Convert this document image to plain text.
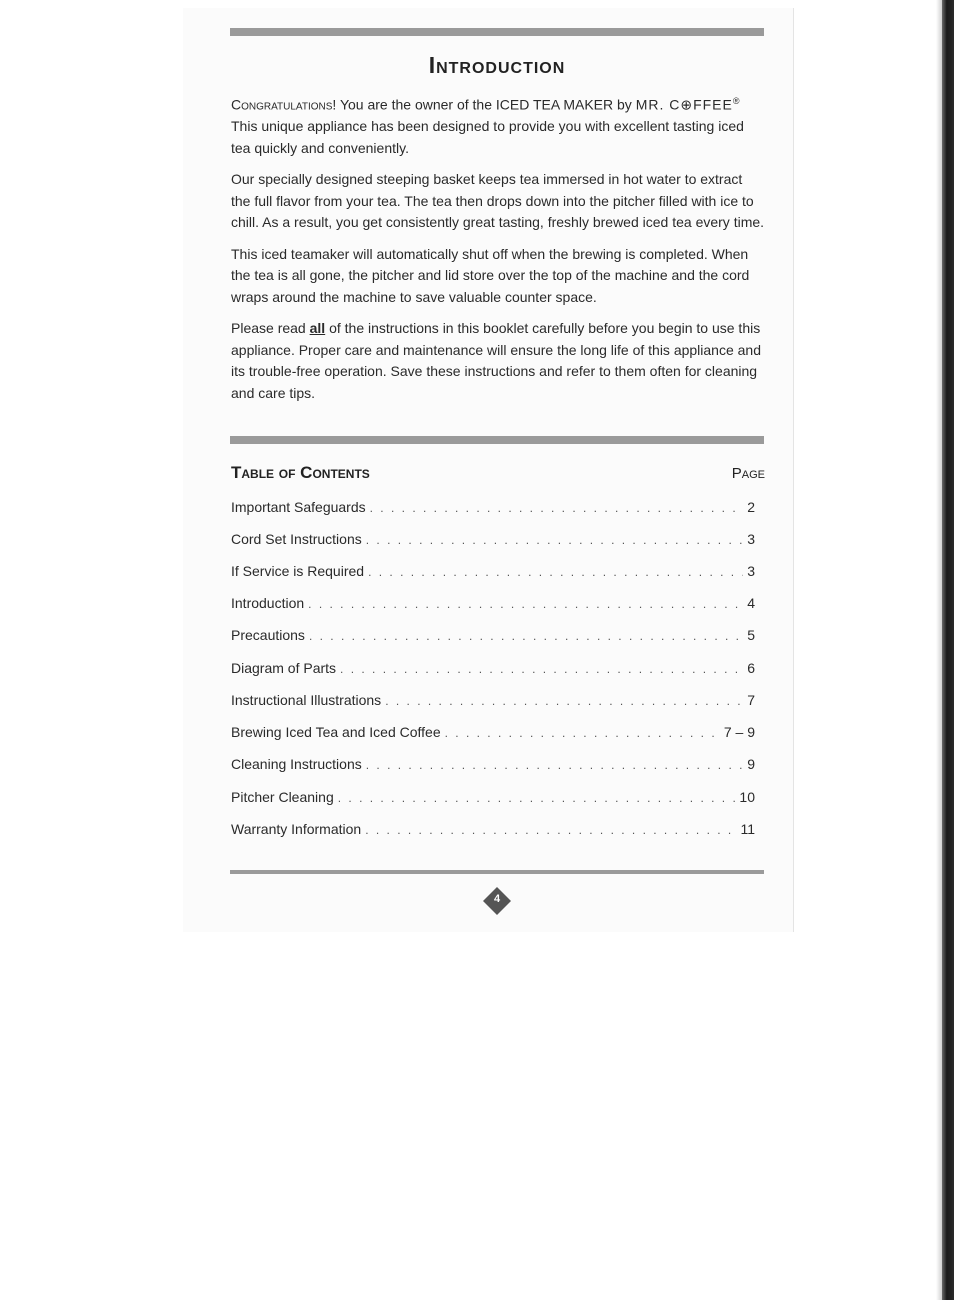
Introduction

Congratulations! You are the owner of the ICED TEA MAKER by MR. C⊕FFEE® This unique appliance has been designed to provide you with excellent tasting iced tea quickly and conveniently.

Our specially designed steeping basket keeps tea immersed in hot water to extract the full flavor from your tea. The tea then drops down into the pitcher filled with ice to chill. As a result, you get consistently great tasting, freshly brewed iced tea every time.

This iced teamaker will automatically shut off when the brewing is completed. When the tea is all gone, the pitcher and lid store over the top of the machine and the cord wraps around the machine to save valuable counter space.

Please read all of the instructions in this booklet carefully before you begin to use this appliance. Proper care and maintenance will ensure the long life of this appliance and its trouble-free operation. Save these instructions and refer to them often for cleaning and care tips.

Table of Contents	Page
Important Safeguards . . .	2
Cord Set Instructions . . .	3
If Service is Required . . .	3
Introduction . . .	4
Precautions . . .	5
Diagram of Parts . . .	6
Instructional Illustrations . . .	7
Brewing Iced Tea and Iced Coffee . . .	7 – 9
Cleaning Instructions . . .	9
Pitcher Cleaning . . .	10
Warranty Information . . .	11
4
